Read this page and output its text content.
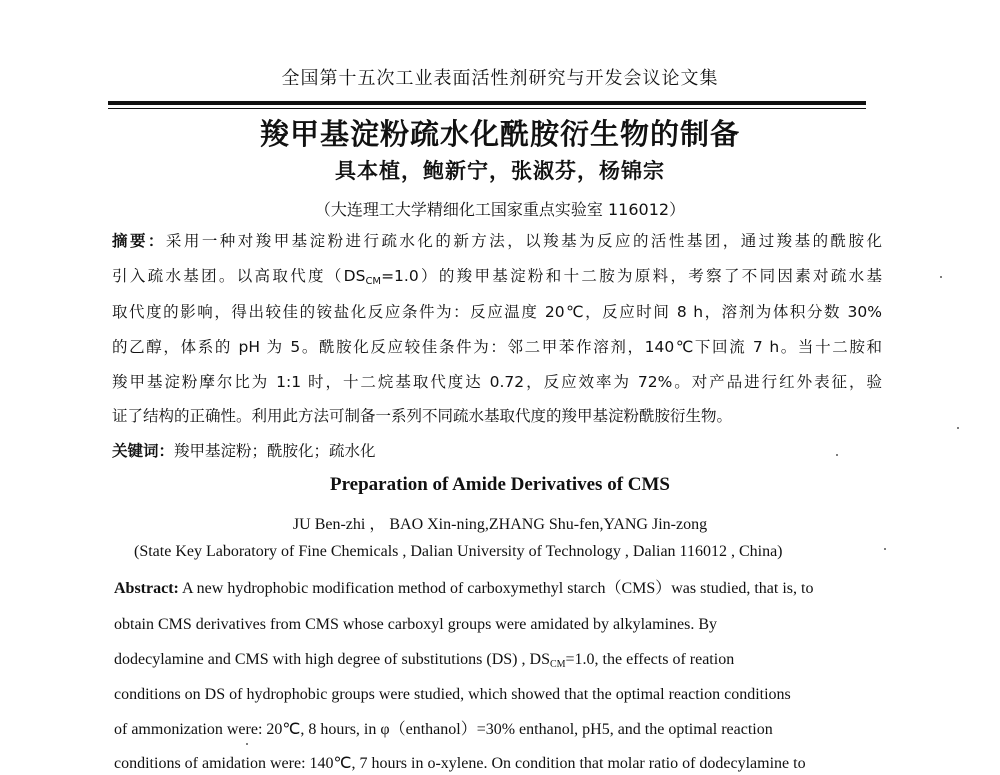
全国第十五次工业表面活性剂研究与开发会议论文集
羧甲基淀粉疏水化酰胺衍生物的制备
具本植，鲍新宁，张淑芬，杨锦宗
（大连理工大学精细化工国家重点实验室 116012）
摘要：采用一种对羧甲基淀粉进行疏水化的新方法，以羧基为反应的活性基团，通过羧基的酰胺化
引入疏水基团。以高取代度$(DS_{CM}=1.0)$的羧甲基淀粉和十二胺为原料，考察了不同因素对疏水基
取代度的影响，得出较佳的铵盐化反应条件为：反应温度 20℃，反应时间 8 h，溶剂为体积分数 30%
的乙醇，体系的 pH 为 5。酰胺化反应较佳条件为：邻二甲苯作溶剂，140℃下回流 7 h。当十二胺和
羧甲基淀粉摩尔比为 1:1 时，十二烷基取代度达 0.72，反应效率为 72%。对产品进行红外表征，验
证了结构的正确性。利用此方法可制备一系列不同疏水基取代度的羧甲基淀粉酰胺衍生物。
关键词：羧甲基淀粉；酰胺化；疏水化
Preparation of Amide Derivatives of CMS
JU Ben-zhi ， BAO Xin-ning,ZHANG Shu-fen,YANG Jin-zong
(State Key Laboratory of Fine Chemicals , Dalian University of Technology , Dalian 116012 , China)
Abstract: A new hydrophobic modification method of carboxymethyl starch（CMS）was studied, that is, to
obtain CMS derivatives from CMS whose carboxyl groups were amidated by alkylamines. By
dodecylamine and CMS with high degree of substitutions (DS) , $DS_{CM}=1.0$, the effects of reation
conditions on DS of hydrophobic groups were studied, which showed that the optimal reaction conditions
of ammonization were: 20℃, 8 hours, in φ（enthanol）=30% enthanol, pH5, and the optimal reaction
conditions of amidation were: 140℃, 7 hours in o-xylene. On condition that molar ratio of dodecylamine to
